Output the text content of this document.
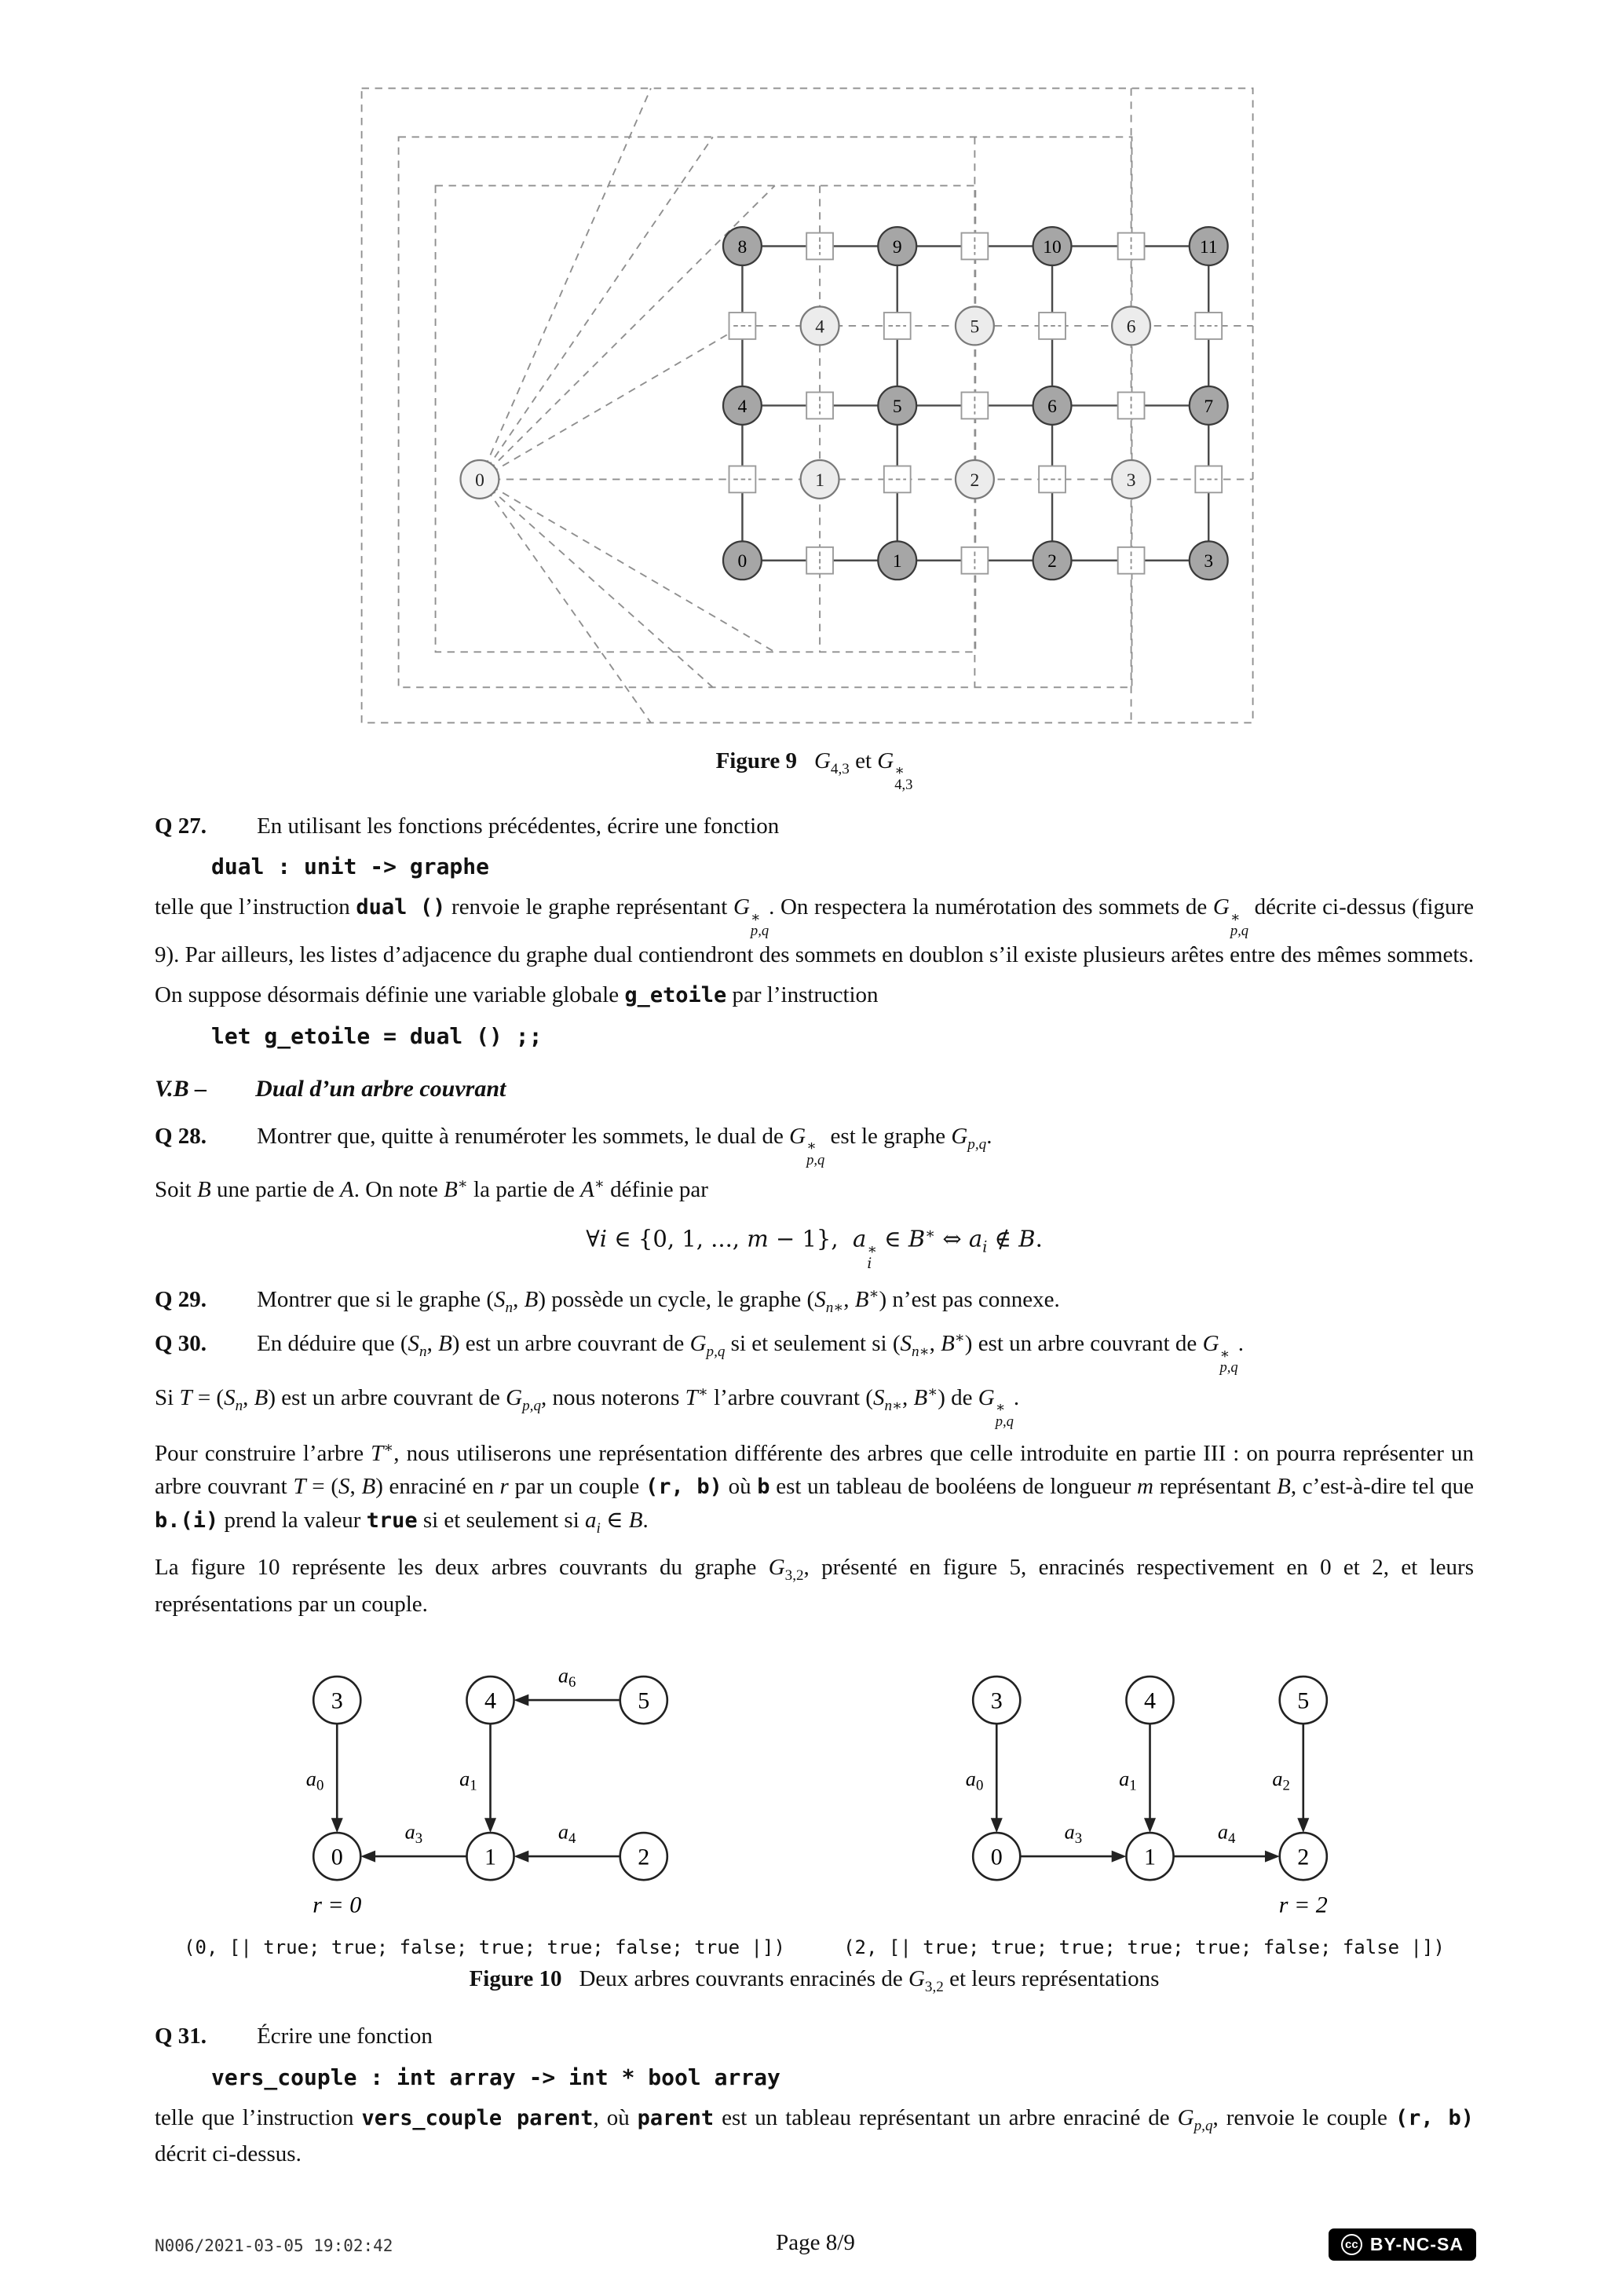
4	5	6
1	2	3
0
8	9	10	11
4	5	6	7
0	1	2	3
Figure 9 $G_{4,3}$ et G ∗
4,3

Q 27. En utilisant les fonctions précédentes, écrire une fonction

dual : unit -> graphe

telle que l’instruction dual () renvoie le graphe représentant G ∗
p,q
. On respectera la numérotation des sommets de G ∗
p,q
décrite ci-dessus (figure 9). Par ailleurs, les listes d’adjacence du graphe dual contiendront des sommets en doublon s’il existe plusieurs arêtes entre des mêmes sommets.

On suppose désormais définie une variable globale g_etoile par l’instruction

let g_etoile = dual () ;;
V.B – Dual d’un arbre couvrant

Q 28. Montrer que, quitte à renuméroter les sommets, le dual de G ∗
p,q
est le graphe $G_{p,q}$.

Soit B une partie de A. On note B∗ la partie de A∗ définie par

∀i ∈ {0, 1, ..., m − 1},  a ∗
i
∈ B∗ ⇔ $a_i$ ∉ B.

Q 29. Montrer que si le graphe ($S_n$, B) possède un cycle, le graphe ($S_{n∗}$, B∗) n’est pas connexe.

Q 30. En déduire que ($S_n$, B) est un arbre couvrant de $G_{p,q}$ si et seulement si ($S_{n∗}$, B∗) est un arbre couvrant de G ∗
p,q
.

Si $T = (S_n$, B) est un arbre couvrant de $G_{p,q}$, nous noterons T∗ l’arbre couvrant ($S_{n∗}$, B∗) de G ∗
p,q
.

Pour construire l’arbre T∗, nous utiliserons une représentation différente des arbres que celle introduite en partie III : on pourra représenter un arbre couvrant T = (S, B) enraciné en r par un couple (r, b) où b est un tableau de booléens de longueur m représentant B, c’est-à-dire tel que b.(i) prend la valeur true si et seulement si $a_i$ ∈ B.

La figure 10 représente les deux arbres couvrants du graphe $G_{3,2}$, présenté en figure 5, enracinés respectivement en 0 et 2, et leurs représentations par un couple.

$a_0$	$a_1$
$a_6$
$a_3$	$a_4$
3	4	5
0	1	2
r = 0
(0, [| true; true; false; true; true; false; true |])
$a_0$	$a_1$	$a_2$
$a_3$	$a_4$
3	4	5
0	1	2
r = 2
(2, [| true; true; true; true; true; false; false |])
Figure 10 Deux arbres couvrants enracinés de $G_{3,2}$ et leurs représentations

Q 31. Écrire une fonction

vers_couple : int array -> int * bool array

telle que l’instruction vers_couple parent, où parent est un tableau représentant un arbre enraciné de $G_{p,q}$, renvoie le couple (r, b) décrit ci-dessus.

N006/2021-03-05 19:02:42	Page 8/9	cc BY-NC-SA
